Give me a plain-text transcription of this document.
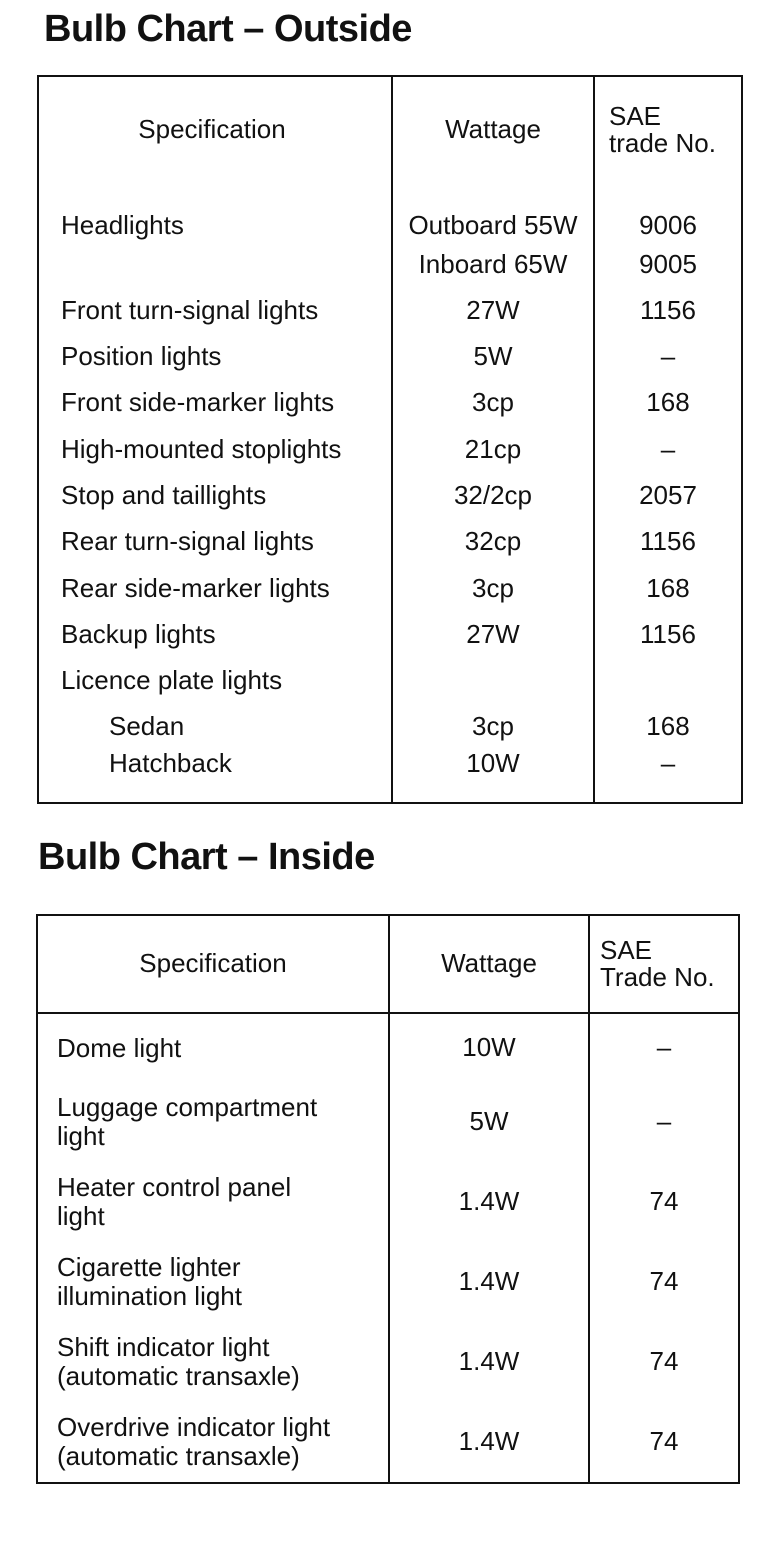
Bulb Chart – Outside
Specification	Wattage	SAE
trade No.
Headlights	Outboard 55W	9006
	Inboard 65W	9005
Front turn-signal lights	27W	1156
Position lights	5W	–
Front side-marker lights	3cp	168
High-mounted stoplights	21cp	–
Stop and taillights	32/2cp	2057
Rear turn-signal lights	32cp	1156
Rear side-marker lights	3cp	168
Backup lights	27W	1156
Licence plate lights		
Sedan	3cp	168
Hatchback	10W	–
Bulb Chart – Inside
Specification	Wattage	SAE
Trade No.
Dome light	10W	–
Luggage compartment
light	5W	–
Heater control panel
light	1.4W	74
Cigarette lighter
illumination light	1.4W	74
Shift indicator light
(automatic transaxle)	1.4W	74
Overdrive indicator light
(automatic transaxle)	1.4W	74
